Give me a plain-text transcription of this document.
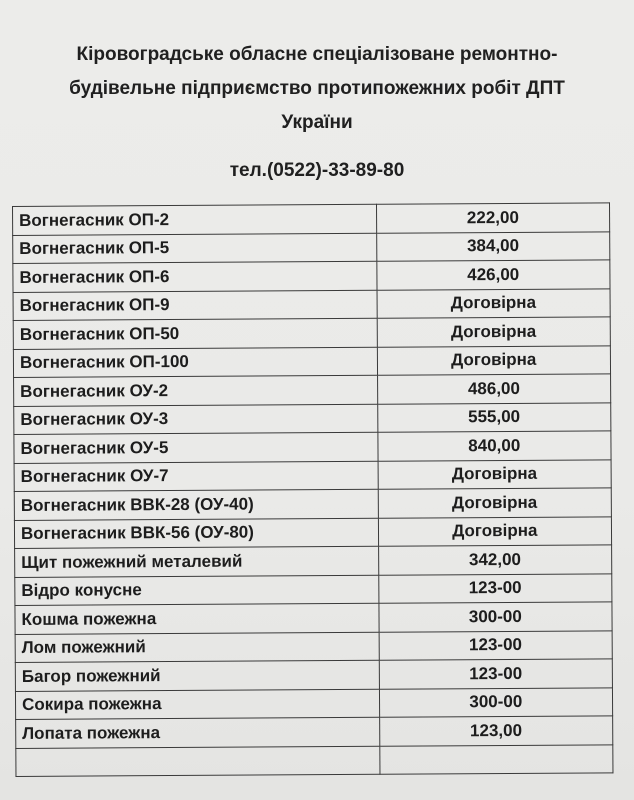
Кіровоградське обласне спеціалізоване ремонтно-
будівельне підприємство протипожежних робіт ДПТ
України
тел.(0522)-33-89-80
Вогнегасник ОП-2	222,00
Вогнегасник ОП-5	384,00
Вогнегасник ОП-6	426,00
Вогнегасник ОП-9	Договірна
Вогнегасник ОП-50	Договірна
Вогнегасник ОП-100	Договірна
Вогнегасник ОУ-2	486,00
Вогнегасник ОУ-3	555,00
Вогнегасник ОУ-5	840,00
Вогнегасник ОУ-7	Договірна
Вогнегасник ВВК-28 (ОУ-40)	Договірна
Вогнегасник ВВК-56 (ОУ-80)	Договірна
Щит пожежний металевий	342,00
Відро конусне	123-00
Кошма пожежна	300-00
Лом пожежний	123-00
Багор пожежний	123-00
Сокира пожежна	300-00
Лопата пожежна	123,00
